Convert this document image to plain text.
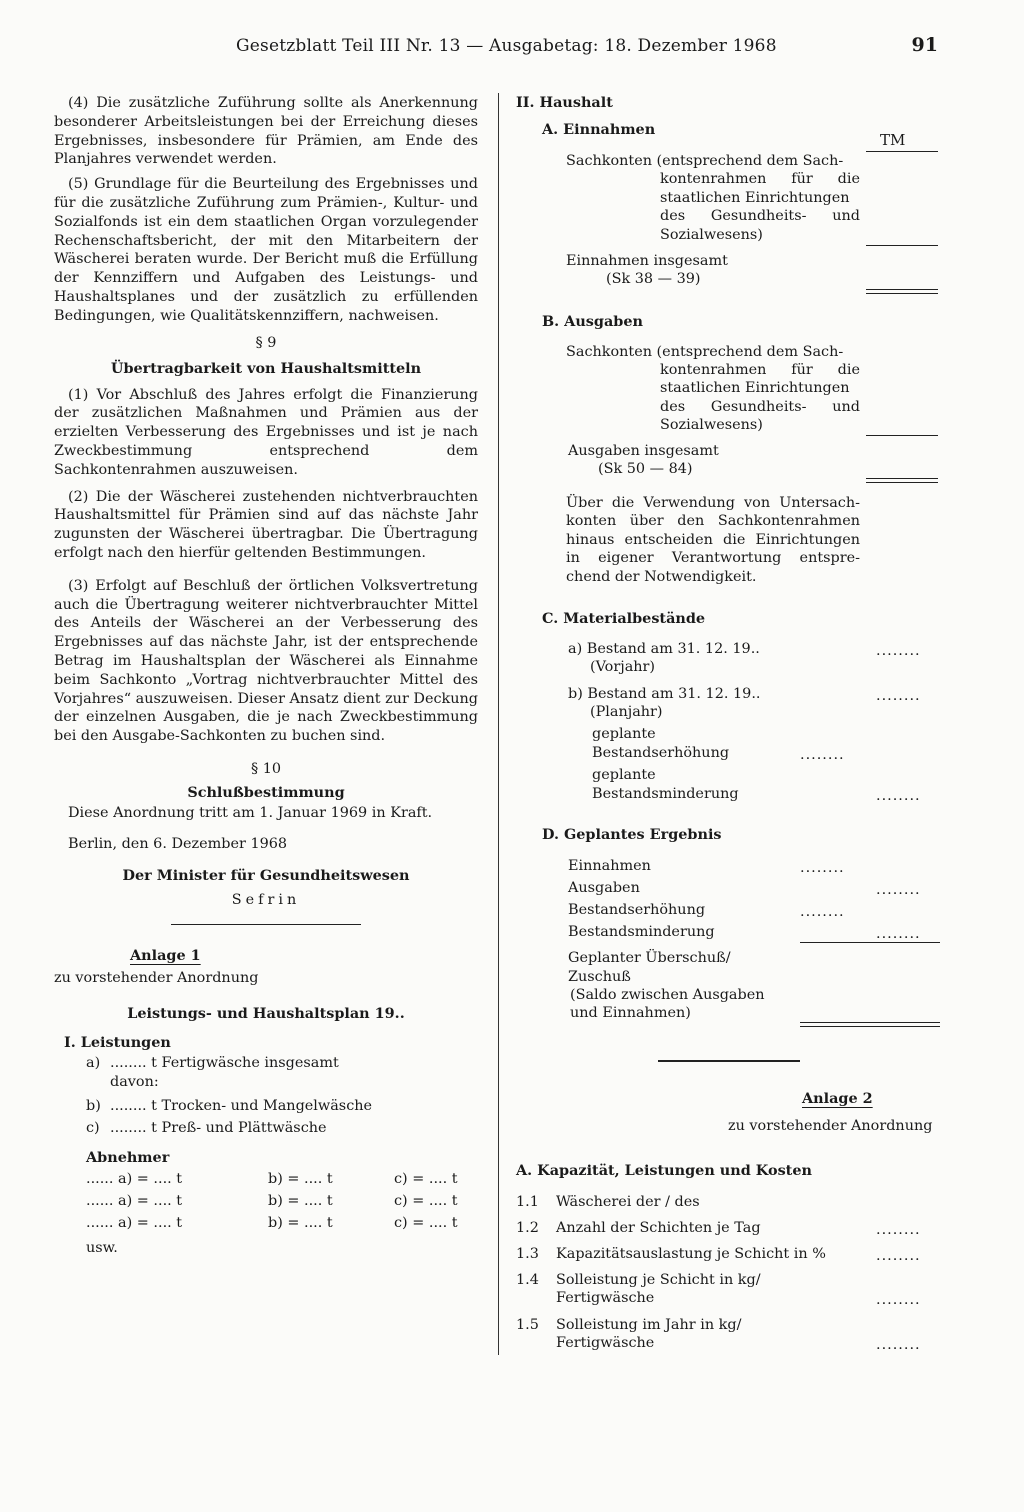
Gesetzblatt Teil III Nr. 13 — Ausgabetag: 18. Dezember 1968	91

(4) Die zusätzliche Zuführung sollte als Anerkennung besonderer Arbeitsleistungen bei der Erreichung dieses Ergebnisses, insbesondere für Prämien, am Ende des Planjahres verwendet werden.

(5) Grundlage für die Beurteilung des Ergebnisses und für die zusätzliche Zuführung zum Prämien-, Kultur- und Sozialfonds ist ein dem staatlichen Organ vorzulegender Rechenschaftsbericht, der mit den Mitarbeitern der Wäscherei beraten wurde. Der Bericht muß die Erfüllung der Kennziffern und Aufgaben des Leistungs- und Haushaltsplanes und der zusätzlich zu erfüllenden Bedingungen, wie Qualitätskennziffern, nachweisen.

§ 9
Übertragbarkeit von Haushaltsmitteln

(1) Vor Abschluß des Jahres erfolgt die Finanzierung der zusätzlichen Maßnahmen und Prämien aus der erzielten Verbesserung des Ergebnisses und ist je nach Zweckbestimmung entsprechend dem Sachkontenrahmen auszuweisen.

(2) Die der Wäscherei zustehenden nichtverbrauchten Haushaltsmittel für Prämien sind auf das nächste Jahr zugunsten der Wäscherei übertragbar. Die Übertragung erfolgt nach den hierfür geltenden Bestimmungen.

(3) Erfolgt auf Beschluß der örtlichen Volksvertretung auch die Übertragung weiterer nichtverbrauchter Mittel des Anteils der Wäscherei an der Verbesserung des Ergebnisses auf das nächste Jahr, ist der entsprechende Betrag im Haushaltsplan der Wäscherei als Einnahme beim Sachkonto „Vortrag nichtverbrauchter Mittel des Vorjahres“ auszuweisen. Dieser Ansatz dient zur Deckung der einzelnen Ausgaben, die je nach Zweckbestimmung bei den Ausgabe-Sachkonten zu buchen sind.

§ 10
Schlußbestimmung

Diese Anordnung tritt am 1. Januar 1969 in Kraft.

Berlin, den 6. Dezember 1968

Der Minister für Gesundheitswesen
Sefrin
Anlage 1
zu vorstehender Anordnung
Leistungs- und Haushaltsplan 19..
I. Leistungen
a) ........ t Fertigwäsche insgesamt
davon:
b) ........ t Trocken- und Mangelwäsche
c) ........ t Preß- und Plättwäsche
Abnehmer
...... a) = .... t	b) = .... t	c) = .... t
...... a) = .... t	b) = .... t	c) = .... t
...... a) = .... t	b) = .... t	c) = .... t
usw.
II. Haushalt
A. Einnahmen
TM
Sachkonten (entsprechend dem Sach-
kontenrahmen für die
staatlichen Einrichtungen
des Gesundheits- und
Sozialwesens)
Einnahmen insgesamt
(Sk 38 — 39)
B. Ausgaben
Sachkonten (entsprechend dem Sach-
kontenrahmen für die
staatlichen Einrichtungen
des Gesundheits- und
Sozialwesens)
Ausgaben insgesamt
(Sk 50 — 84)
Über die Verwendung von Untersach-
konten über den Sachkontenrahmen
hinaus entscheiden die Einrichtungen
in eigener Verantwortung entspre-
chend der Notwendigkeit.
C. Materialbestände
a) Bestand am 31. 12. 19..
(Vorjahr)
........
b) Bestand am 31. 12. 19..
(Planjahr)
........
geplante
Bestandserhöhung	........
geplante
Bestandsminderung	........
D. Geplantes Ergebnis
Einnahmen	........
Ausgaben	........
Bestandserhöhung	........
Bestandsminderung	........
Geplanter Überschuß/
Zuschuß
(Saldo zwischen Ausgaben
und Einnahmen)
Anlage 2
zu vorstehender Anordnung
A. Kapazität, Leistungen und Kosten
1.1 Wäscherei der / des
1.2 Anzahl der Schichten je Tag	........
1.3 Kapazitätsauslastung je Schicht in %	........
1.4 Solleistung je Schicht in kg/
Fertigwäsche	........
1.5 Solleistung im Jahr in kg/
Fertigwäsche	........
